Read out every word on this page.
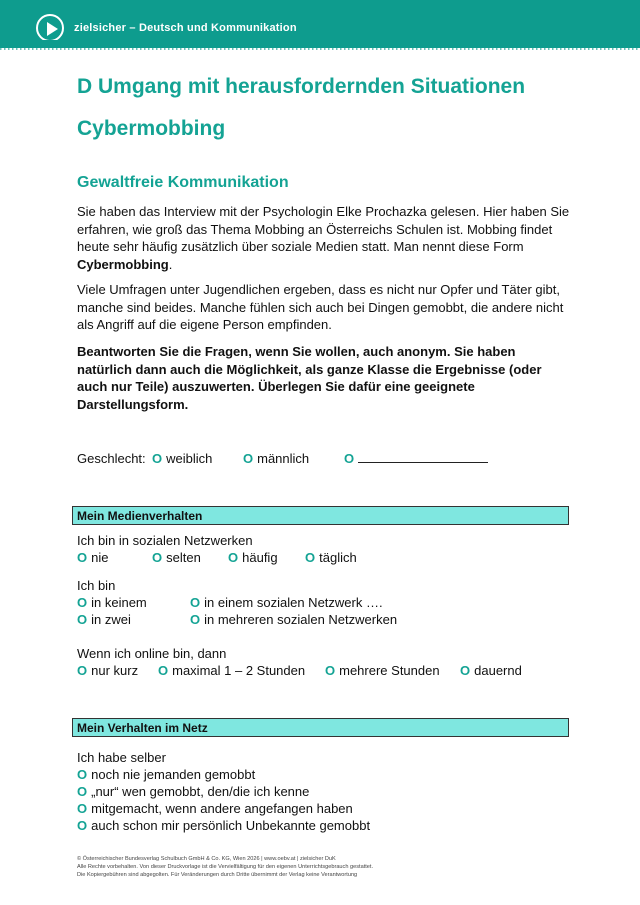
zielsicher – Deutsch und Kommunikation
D Umgang mit herausfordernden Situationen
Cybermobbing
Gewaltfreie Kommunikation

Sie haben das Interview mit der Psychologin Elke Prochazka gelesen. Hier haben Sie erfahren, wie groß das Thema Mobbing an Österreichs Schulen ist. Mobbing findet heute sehr häufig zusätzlich über soziale Medien statt. Man nennt diese Form Cybermobbing.

Viele Umfragen unter Jugendlichen ergeben, dass es nicht nur Opfer und Täter gibt, manche sind beides. Manche fühlen sich auch bei Dingen gemobbt, die andere nicht als Angriff auf die eigene Person empfinden.

Beantworten Sie die Fragen, wenn Sie wollen, auch anonym. Sie haben natürlich dann auch die Möglichkeit, als ganze Klasse die Ergebnisse (oder auch nur Teile) auszuwerten. Überlegen Sie dafür eine geeignete Darstellungsform.

Geschlecht: O weiblich O männlich	O
Mein Medienverhalten
Ich bin in sozialen Netzwerken
O nie	O selten O häufig O täglich
Ich bin
O in keinem	O in einem sozialen Netzwerk ….
O in zwei	O in mehreren sozialen Netzwerken
Wenn ich online bin, dann
O nur kurz O maximal 1 – 2 Stunden O mehrere Stunden O dauernd
Mein Verhalten im Netz
Ich habe selber
O noch nie jemanden gemobbt
O „nur“ wen gemobbt, den/die ich kenne
O mitgemacht, wenn andere angefangen haben
O auch schon mir persönlich Unbekannte gemobbt
© Österreichischer Bundesverlag Schulbuch GmbH & Co. KG, Wien 2026 | www.oebv.at | zielsicher DuK
Alle Rechte vorbehalten. Von dieser Druckvorlage ist die Vervielfältigung für den eigenen Unterrichtsgebrauch gestattet.
Die Kopiergebühren sind abgegolten. Für Veränderungen durch Dritte übernimmt der Verlag keine Verantwortung
